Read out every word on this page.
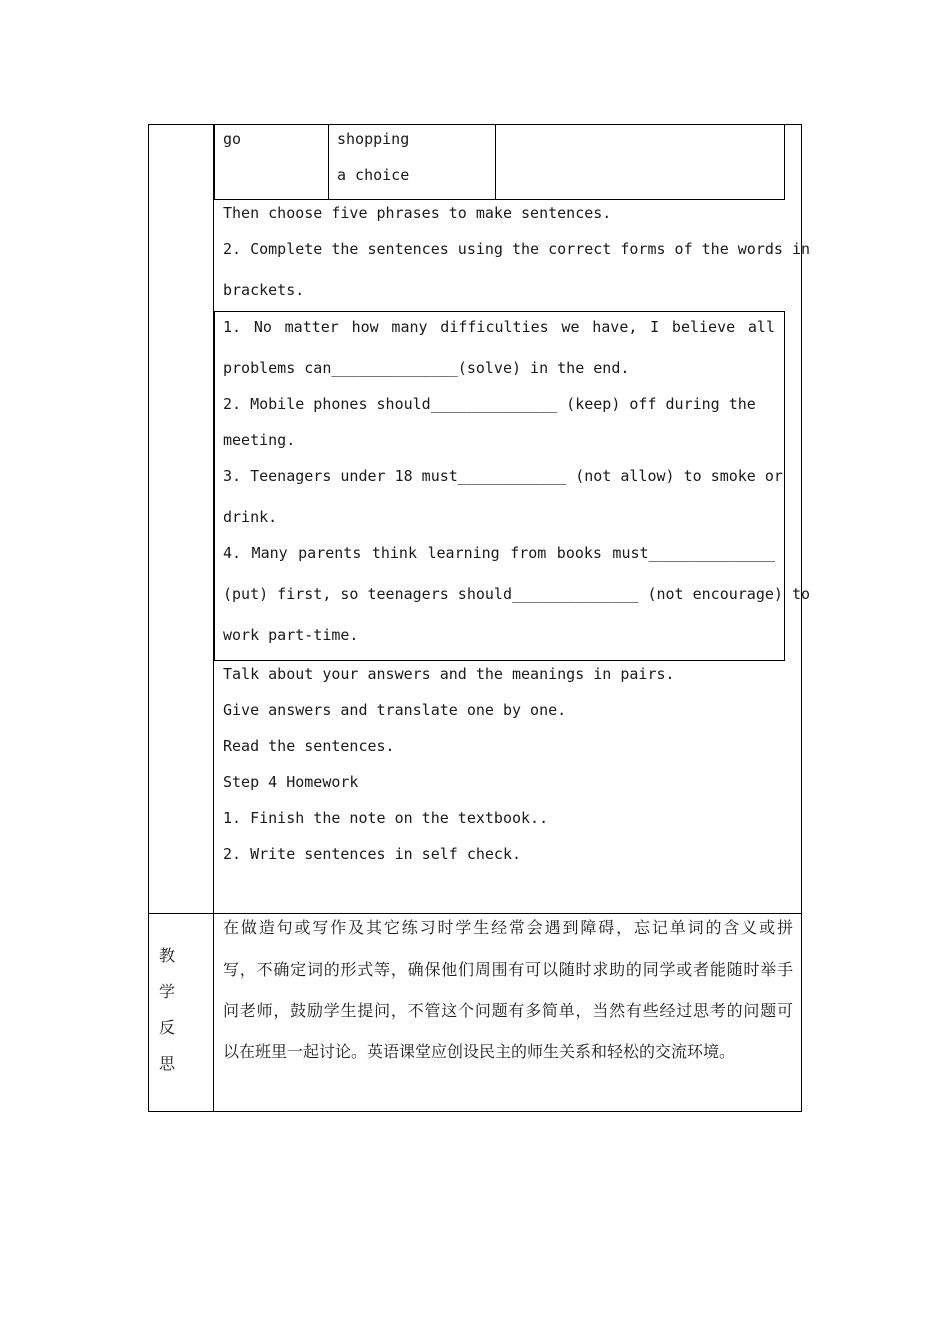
go	shopping
a choice
Then choose five phrases to make sentences.
2. Complete the sentences using the correct forms of the words in
brackets.
1. No matter how many difficulties we have, I believe all
problems can______________(solve) in the end.
2. Mobile phones should______________ (keep) off during the
meeting.
3. Teenagers under 18 must____________ (not allow) to smoke or
drink.
4. Many parents think learning from books must______________
(put) first, so teenagers should______________ (not encourage) to
work part-time.
Talk about your answers and the meanings in pairs.
Give answers and translate one by one.
Read the sentences.
Step 4 Homework
1. Finish the note on the textbook..
2. Write sentences in self check.
教
学
反
思
在做造句或写作及其它练习时学生经常会遇到障碍，忘记单词的含义或拼
写，不确定词的形式等，确保他们周围有可以随时求助的同学或者能随时举手
问老师，鼓励学生提问，不管这个问题有多简单，当然有些经过思考的问题可
以在班里一起讨论。英语课堂应创设民主的师生关系和轻松的交流环境。
